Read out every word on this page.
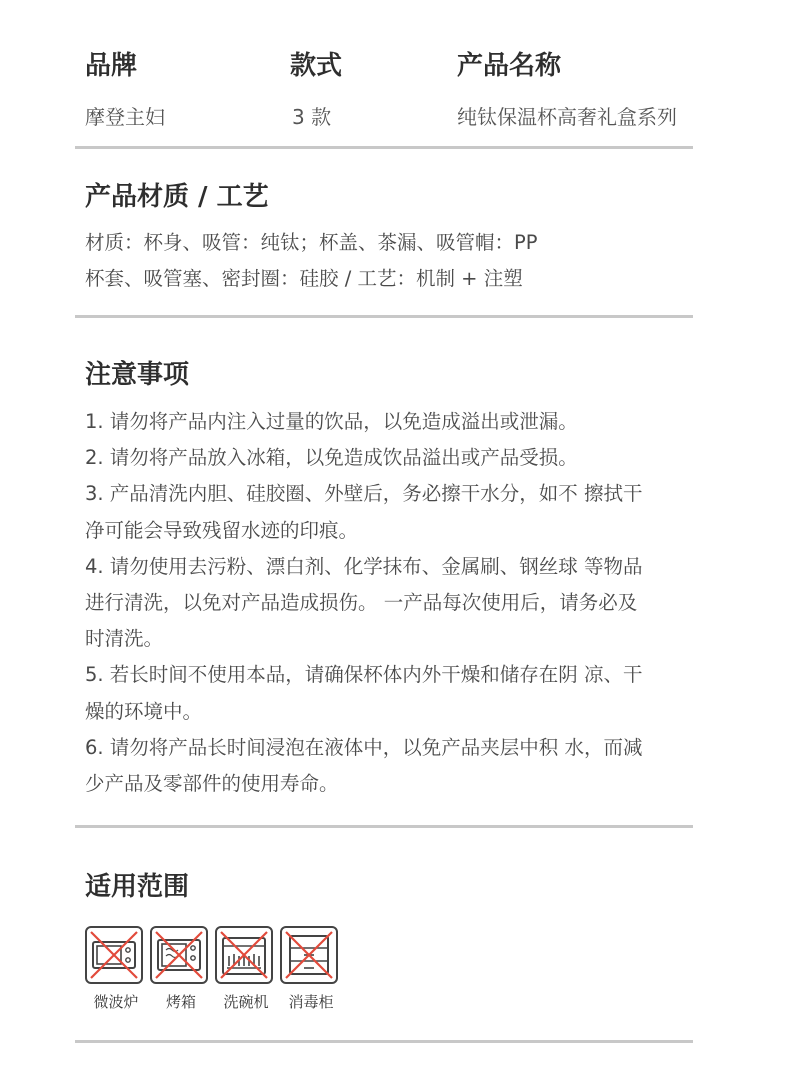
品牌	款式	产品名称
摩登主妇	3 款	纯钛保温杯高奢礼盒系列
产品材质 / 工艺
材质：杯身、吸管：纯钛；杯盖、茶漏、吸管帽：PP
杯套、吸管塞、密封圈：硅胶 / 工艺：机制 + 注塑
注意事项
1. 请勿将产品内注入过量的饮品，以免造成溢出或泄漏。
2. 请勿将产品放入冰箱，以免造成饮品溢出或产品受损。
3. 产品清洗内胆、硅胶圈、外壁后，务必擦干水分，如不 擦拭干
净可能会导致残留水迹的印痕。
4. 请勿使用去污粉、漂白剂、化学抹布、金属刷、钢丝球 等物品
进行清洗，以免对产品造成损伤。 一产品每次使用后，请务必及
时清洗。
5. 若长时间不使用本品，请确保杯体内外干燥和储存在阴 凉、干
燥的环境中。
6. 请勿将产品长时间浸泡在液体中，以免产品夹层中积 水，而减
少产品及零部件的使用寿命。
适用范围
微波炉	烤箱	洗碗机	消毒柜
